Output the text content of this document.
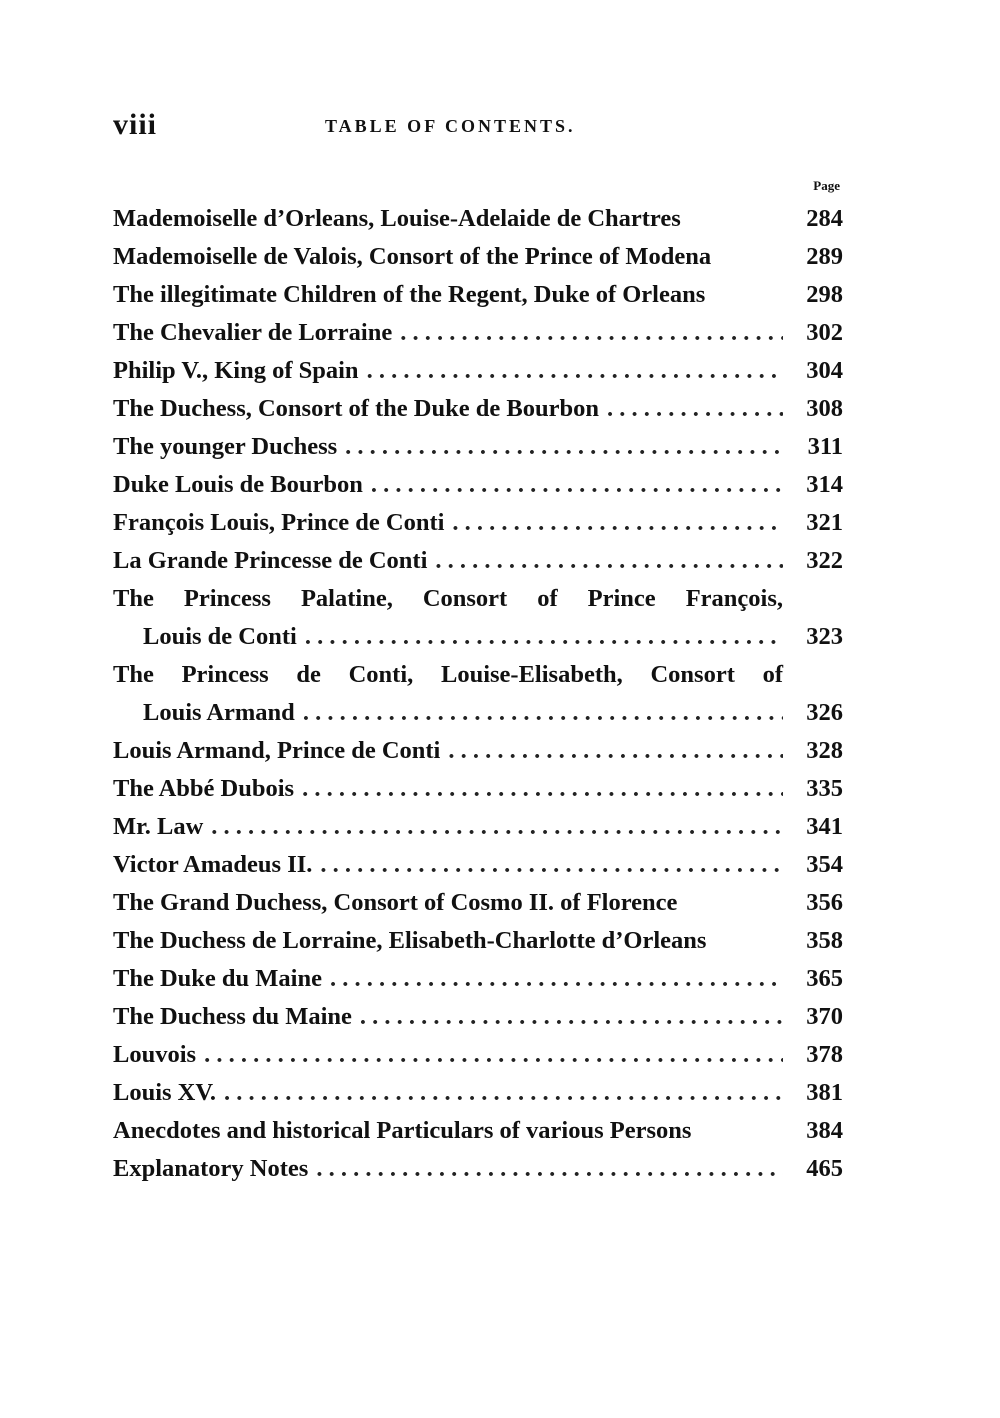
viii	TABLE OF CONTENTS.
Page
Mademoiselle d’Orleans, Louise-Adelaide de Chartres	284
Mademoiselle de Valois, Consort of the Prince of Modena	289
The illegitimate Children of the Regent, Duke of Orleans	298
The Chevalier de Lorraine . . .	302
Philip V., King of Spain . . .	304
The Duchess, Consort of the Duke de Bourbon . . .	308
The younger Duchess . . .	311
Duke Louis de Bourbon . . .	314
François Louis, Prince de Conti . . .	321
La Grande Princesse de Conti . . .	322
The Princess Palatine, Consort of Prince François,
Louis de Conti . . .	323
The Princess de Conti, Louise-Elisabeth, Consort of
Louis Armand . . .	326
Louis Armand, Prince de Conti . . .	328
The Abbé Dubois . . .	335
Mr. Law . . .	341
Victor Amadeus II. . . .	354
The Grand Duchess, Consort of Cosmo II. of Florence	356
The Duchess de Lorraine, Elisabeth-Charlotte d’Orleans	358
The Duke du Maine . . .	365
The Duchess du Maine . . .	370
Louvois . . .	378
Louis XV. . . .	381
Anecdotes and historical Particulars of various Persons	384
Explanatory Notes . . .	465
